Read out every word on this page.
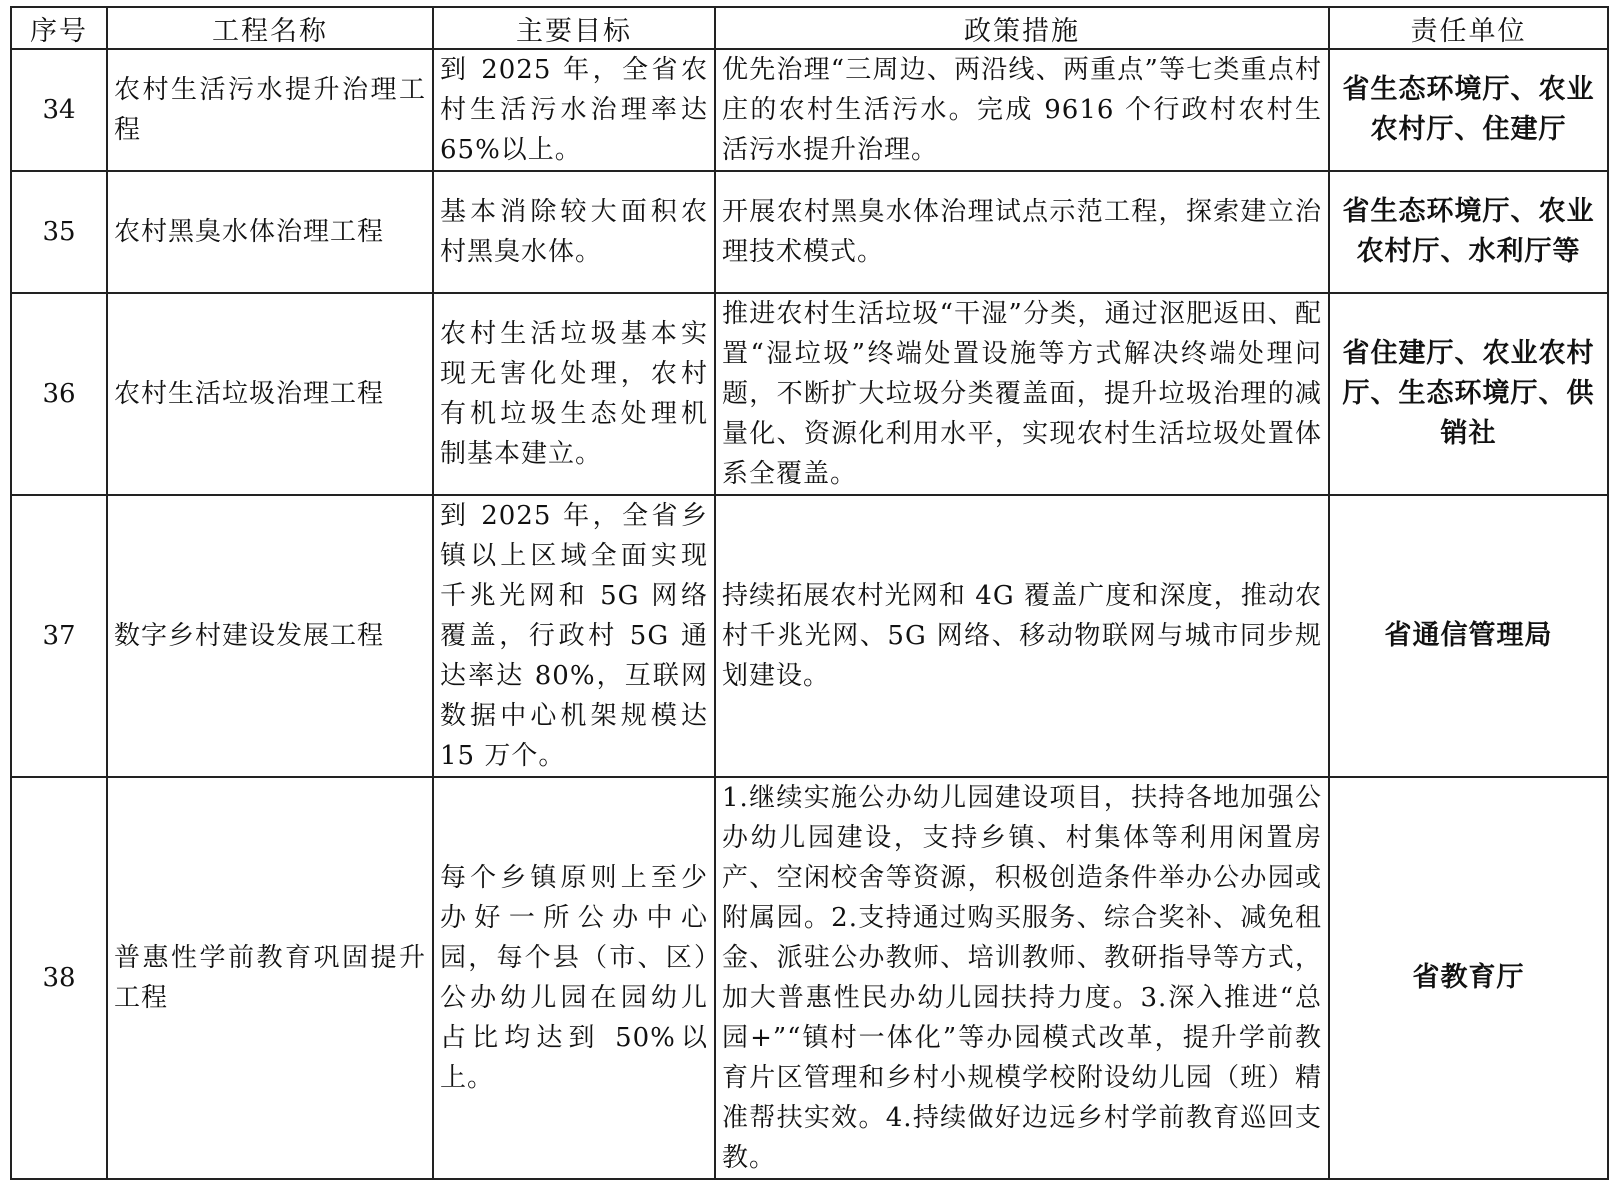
序号	工程名称	主要目标	政策措施	责任单位
34	农村生活污水提升治理工程	到 2025 年，全省农村生活污水治理率达 65%以上。	优先治理“三周边、两沿线、两重点”等七类重点村庄的农村生活污水。完成 9616 个行政村农村生活污水提升治理。	省生态环境厅、农业农村厅、住建厅

35	农村黑臭水体治理工程	基本消除较大面积农村黑臭水体。	开展农村黑臭水体治理试点示范工程，探索建立治理技术模式。	省生态环境厅、农业农村厅、水利厅等

36	农村生活垃圾治理工程	农村生活垃圾基本实现无害化处理，农村有机垃圾生态处理机制基本建立。	推进农村生活垃圾“干湿”分类，通过沤肥返田、配置“湿垃圾”终端处置设施等方式解决终端处理问题，不断扩大垃圾分类覆盖面，提升垃圾治理的减量化、资源化利用水平，实现农村生活垃圾处置体系全覆盖。	省住建厅、农业农村厅、生态环境厅、供销社

37	数字乡村建设发展工程	到 2025 年，全省乡镇以上区域全面实现千兆光网和 5G 网络覆盖，行政村 5G 通达率达 80%，互联网数据中心机架规模达 15 万个。	持续拓展农村光网和 4G 覆盖广度和深度，推动农村千兆光网、5G 网络、移动物联网与城市同步规划建设。	省通信管理局

38	普惠性学前教育巩固提升工程	每个乡镇原则上至少办好一所公办中心园，每个县（市、区）公办幼儿园在园幼儿占比均达到 50%以上。	1.继续实施公办幼儿园建设项目，扶持各地加强公办幼儿园建设，支持乡镇、村集体等利用闲置房产、空闲校舍等资源，积极创造条件举办公办园或附属园。2.支持通过购买服务、综合奖补、减免租金、派驻公办教师、培训教师、教研指导等方式，加大普惠性民办幼儿园扶持力度。3.深入推进“总园+”“镇村一体化”等办园模式改革，提升学前教育片区管理和乡村小规模学校附设幼儿园（班）精准帮扶实效。4.持续做好边远乡村学前教育巡回支教。	省教育厅
